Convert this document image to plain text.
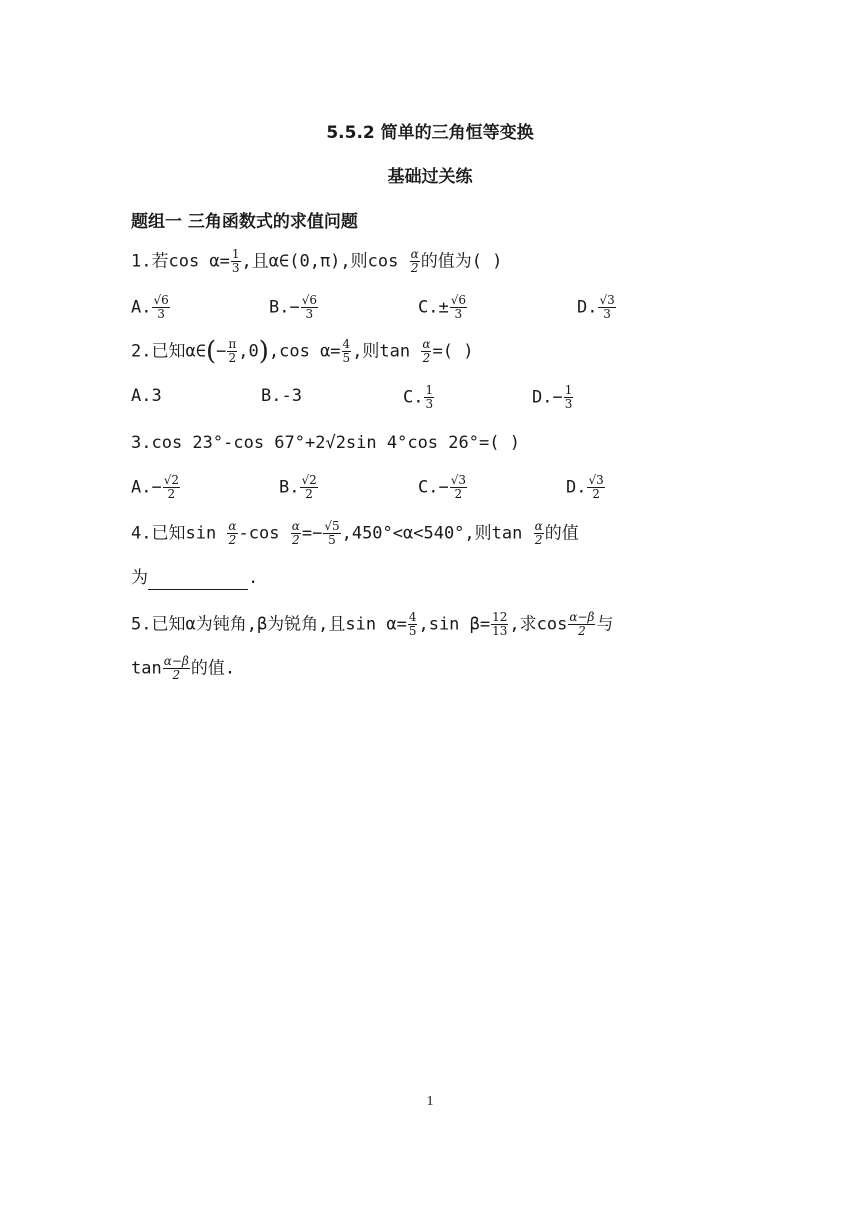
5.5.2 简单的三角恒等变换
基础过关练
题组一 三角函数式的求值问题
1.若$\cos \alpha= \frac{1}{3}$ ,且α∈(0,π),则$\cos \frac{\alpha}{2}$ 的值为( )
A. $\frac{√6}{3}$	$B.- \frac{√6}{3}$	$C.\pm \frac{√6}{3}$	D. $\frac{√3}{3}$
2.已知α∈(− $\frac{\pi}{2} ,0),\cos$ $\alpha= \frac{4}{5}$ ,则$\tan \frac{\alpha}{2}$ =( )
A.3	B.-3	C. $\frac{1}{3}$	$D.- \frac{1}{3}$
3.cos 23°-cos 67°+2√2sin 4°cos 26°=( )
$A.- \frac{√2}{2}$	B. $\frac{√2}{2}$	$C.- \frac{√3}{2}$	D. $\frac{√3}{2}$
4.已知$\sin \frac{\alpha}{2} -\cos \frac{\alpha}{2} =- \frac{√5}{5} ,450^\circ<\alpha<540^\circ$,则$\tan \frac{\alpha}{2}$ 的值
为	.
5.已知α为钝角,β为锐角,且$\sin \alpha= \frac{4}{5} ,\sin$ $\beta= \frac{12}{13}$ ,求$\cos \frac{\alpha-\beta}{2}$ 与
$\tan \frac{\alpha-\beta}{2}$ 的值.
1
